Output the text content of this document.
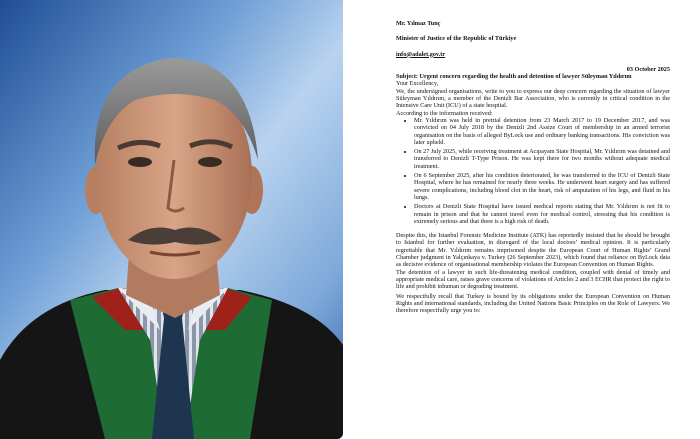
Mr. Yılmaz Tunç

Minister of Justice of the Republic of Türkiye

info@adalet.gov.tr

03 October 2025

Subject: Urgent concern regarding the health and detention of lawyer Süleyman Yıldırım

Your Excellency,

We, the undersigned organisations, write to you to express our deep concern regarding the situation of lawyer Süleyman Yıldırım, a member of the Denizli Bar Association, who is currently in critical condition in the Intensive Care Unit (ICU) of a state hospital.

According to the information received:

• Mr. Yıldırım was held in pretrial detention from 23 March 2017 to 19 December 2017, and was convicted on 04 July 2018 by the Denizli 2nd Assize Court of membership in an armed terrorist organisation on the basis of alleged ByLock use and ordinary banking transactions. His conviction was later upheld.
• On 27 July 2025, while receiving treatment at Acıpayam State Hospital, Mr. Yıldırım was detained and transferred to Denizli T-Type Prison. He was kept there for two months without adequate medical treatment.
• On 6 September 2025, after his condition deteriorated, he was transferred to the ICU of Denizli State Hospital, where he has remained for nearly three weeks. He underwent heart surgery and has suffered severe complications, including blood clot in the heart, risk of amputation of his legs, and fluid in his lungs.
• Doctors at Denizli State Hospital have issued medical reports stating that Mr. Yıldırım is not fit to remain in prison and that he cannot travel even for medical control, stressing that his condition is extremely serious and that there is a high risk of death.

Despite this, the Istanbul Forensic Medicine Institute (ATK) has reportedly insisted that he should be brought to Istanbul for further evaluation, in disregard of the local doctors’ medical opinion. It is particularly regrettable that Mr. Yıldırım remains imprisoned despite the European Court of Human Rights’ Grand Chamber judgment in Yalçınkaya v. Turkey (26 September 2023), which found that reliance on ByLock data as decisive evidence of organisational membership violates the European Convention on Human Rights.

The detention of a lawyer in such life-threatening medical condition, coupled with denial of timely and appropriate medical care, raises grave concerns of violations of Articles 2 and 3 ECHR that protect the right to life and prohibit inhuman or degrading treatment.

We respectfully recall that Turkey is bound by its obligations under the European Convention on Human Rights and international standards, including the United Nations Basic Principles on the Role of Lawyers. We therefore respectfully urge you to:
